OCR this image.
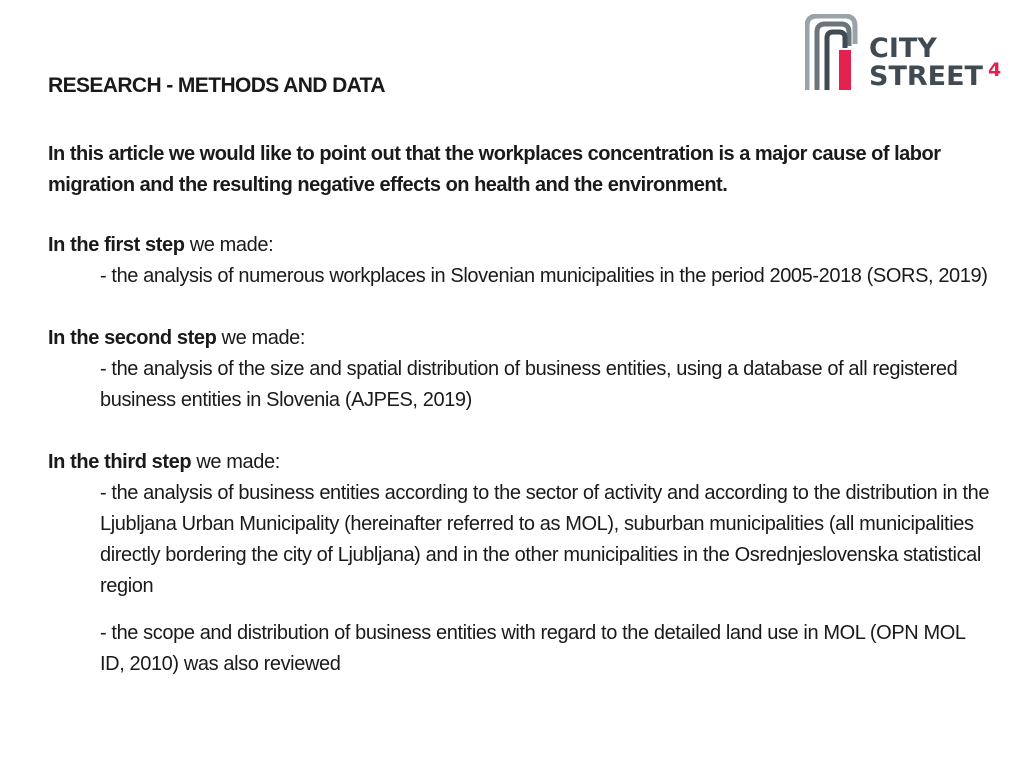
CITY
STREET 4
RESEARCH - METHODS AND DATA

In this article we would like to point out that the workplaces concentration is a major cause of labor migration and the resulting negative effects on health and the environment.

In the first step we made:

- the analysis of numerous workplaces in Slovenian municipalities in the period 2005-2018 (SORS, 2019)

In the second step we made:

- the analysis of the size and spatial distribution of business entities, using a database of all registered business entities in Slovenia (AJPES, 2019)

In the third step we made:

- the analysis of business entities according to the sector of activity and according to the distribution in the Ljubljana Urban Municipality (hereinafter referred to as MOL), suburban municipalities (all municipalities directly bordering the city of Ljubljana) and in the other municipalities in the Osrednjeslovenska statistical region

- the scope and distribution of business entities with regard to the detailed land use in MOL (OPN MOL ID, 2010) was also reviewed
